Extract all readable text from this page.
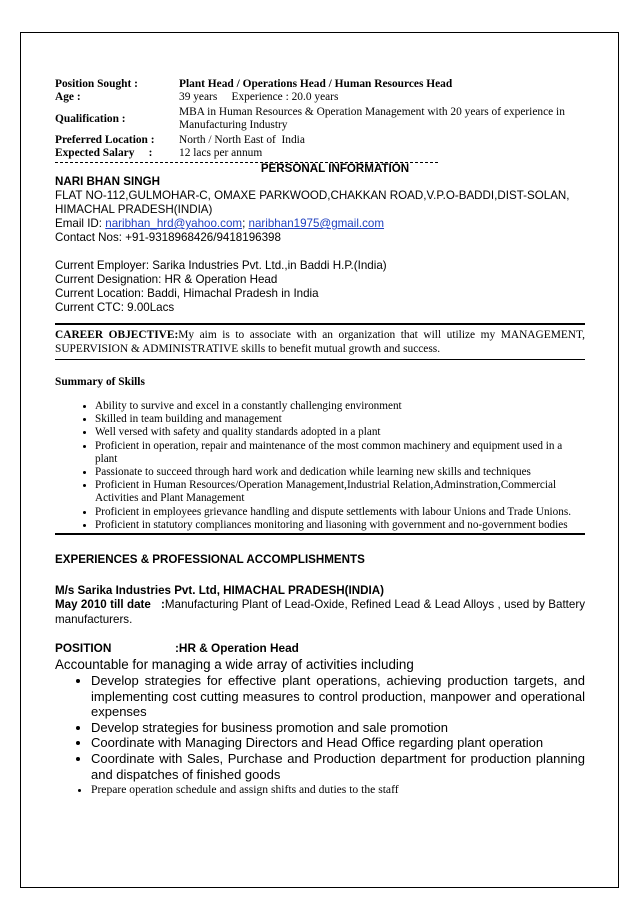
Position Sought :	Plant Head / Operations Head / Human Resources Head
Age :	39 years     Experience : 20.0 years
Qualification :	MBA in Human Resources & Operation Management with 20 years of experience in Manufacturing Industry
Preferred Location :	North / North East of  India
Expected Salary     :	12 lacs per annum
PERSONAL INFORMATION

NARI BHAN SINGH

FLAT NO-112,GULMOHAR-C, OMAXE PARKWOOD,CHAKKAN ROAD,V.P.O-BADDI,DIST-SOLAN, HIMACHAL PRADESH(INDIA)

Email ID: naribhan_hrd@yahoo.com; naribhan1975@gmail.com

Contact Nos: +91-9318968426/9418196398

Current Employer: Sarika Industries Pvt. Ltd.,in Baddi H.P.(India)

Current Designation: HR & Operation Head

Current Location: Baddi, Himachal Pradesh in India

Current CTC: 9.00Lacs

CAREER OBJECTIVE:My aim is to associate with an organization that will utilize my MANAGEMENT, SUPERVISION & ADMINISTRATIVE skills to benefit mutual growth and success.
Summary of Skills
• Ability to survive and excel in a constantly challenging environment
• Skilled in team building and management
• Well versed with safety and quality standards adopted in a plant
• Proficient in operation, repair and maintenance of the most common machinery and equipment used in a plant
• Passionate to succeed through hard work and dedication while learning new skills and techniques
• Proficient in Human Resources/Operation Management,Industrial Relation,Adminstration,Commercial Activities and Plant Management
• Proficient in employees grievance handling and dispute settlements with labour Unions and Trade Unions.
• Proficient in statutory compliances monitoring and liasoning with government and no-government bodies
EXPERIENCES & PROFESSIONAL ACCOMPLISHMENTS
M/s Sarika Industries Pvt. Ltd, HIMACHAL PRADESH(INDIA)
May 2010 till date   :Manufacturing Plant of Lead-Oxide, Refined Lead & Lead Alloys , used by Battery manufacturers.
POSITION	:HR & Operation Head
Accountable for managing a wide array of activities including
• Develop strategies for effective plant operations, achieving production targets, and implementing cost cutting measures to control production, manpower and operational expenses
• Develop strategies for business promotion and sale promotion
• Coordinate with Managing Directors and Head Office regarding plant operation
• Coordinate with Sales, Purchase and Production department for production planning and dispatches of finished goods
• Prepare operation schedule and assign shifts and duties to the staff
